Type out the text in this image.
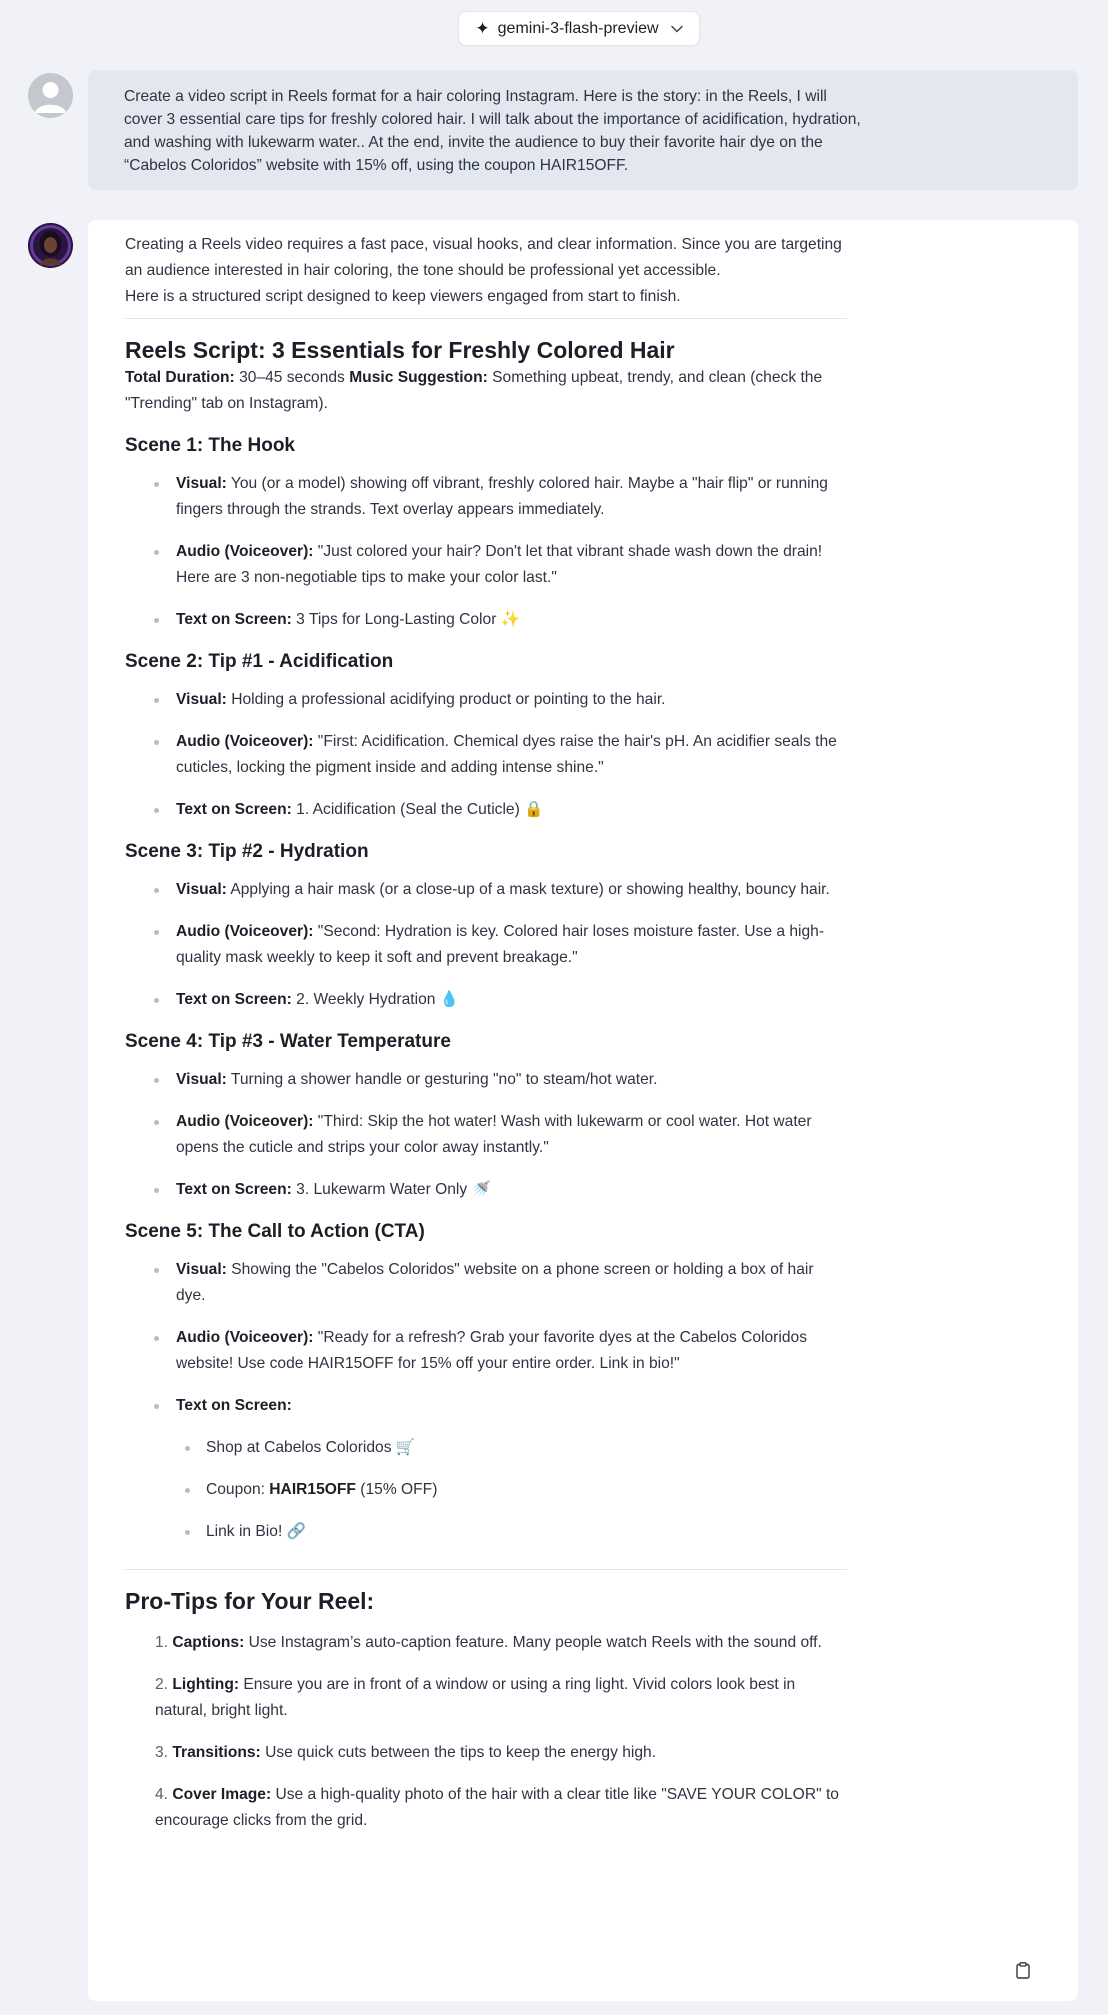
✦ gemini-3-flash-preview

Create a video script in Reels format for a hair coloring Instagram. Here is the story: in the Reels, I will cover 3 essential care tips for freshly colored hair. I will talk about the importance of acidification, hydration, and washing with lukewarm water.. At the end, invite the audience to buy their favorite hair dye on the “Cabelos Coloridos” website with 15% off, using the coupon HAIR15OFF.

Creating a Reels video requires a fast pace, visual hooks, and clear information. Since you are targeting an audience interested in hair coloring, the tone should be professional yet accessible.

Here is a structured script designed to keep viewers engaged from start to finish.

Reels Script: 3 Essentials for Freshly Colored Hair

Total Duration: 30–45 seconds Music Suggestion: Something upbeat, trendy, and clean (check the "Trending" tab on Instagram).

Scene 1: The Hook
Visual: You (or a model) showing off vibrant, freshly colored hair. Maybe a "hair flip" or running fingers through the strands. Text overlay appears immediately.
Audio (Voiceover): "Just colored your hair? Don't let that vibrant shade wash down the drain! Here are 3 non-negotiable tips to make your color last."
Text on Screen: 3 Tips for Long-Lasting Color ✨
Scene 2: Tip #1 - Acidification
Visual: Holding a professional acidifying product or pointing to the hair.
Audio (Voiceover): "First: Acidification. Chemical dyes raise the hair's pH. An acidifier seals the cuticles, locking the pigment inside and adding intense shine."
Text on Screen: 1. Acidification (Seal the Cuticle) 🔒
Scene 3: Tip #2 - Hydration
Visual: Applying a hair mask (or a close-up of a mask texture) or showing healthy, bouncy hair.
Audio (Voiceover): "Second: Hydration is key. Colored hair loses moisture faster. Use a high-quality mask weekly to keep it soft and prevent breakage."
Text on Screen: 2. Weekly Hydration 💧
Scene 4: Tip #3 - Water Temperature
Visual: Turning a shower handle or gesturing "no" to steam/hot water.
Audio (Voiceover): "Third: Skip the hot water! Wash with lukewarm or cool water. Hot water opens the cuticle and strips your color away instantly."
Text on Screen: 3. Lukewarm Water Only 🚿
Scene 5: The Call to Action (CTA)
Visual: Showing the "Cabelos Coloridos" website on a phone screen or holding a box of hair dye.
Audio (Voiceover): "Ready for a refresh? Grab your favorite dyes at the Cabelos Coloridos website! Use code HAIR15OFF for 15% off your entire order. Link in bio!"
Text on Screen:
Shop at Cabelos Coloridos 🛒
Coupon: HAIR15OFF (15% OFF)
Link in Bio! 🔗
Pro-Tips for Your Reel:
1. Captions: Use Instagram’s auto-caption feature. Many people watch Reels with the sound off.
2. Lighting: Ensure you are in front of a window or using a ring light. Vivid colors look best in natural, bright light.
3. Transitions: Use quick cuts between the tips to keep the energy high.
4. Cover Image: Use a high-quality photo of the hair with a clear title like "SAVE YOUR COLOR" to encourage clicks from the grid.
